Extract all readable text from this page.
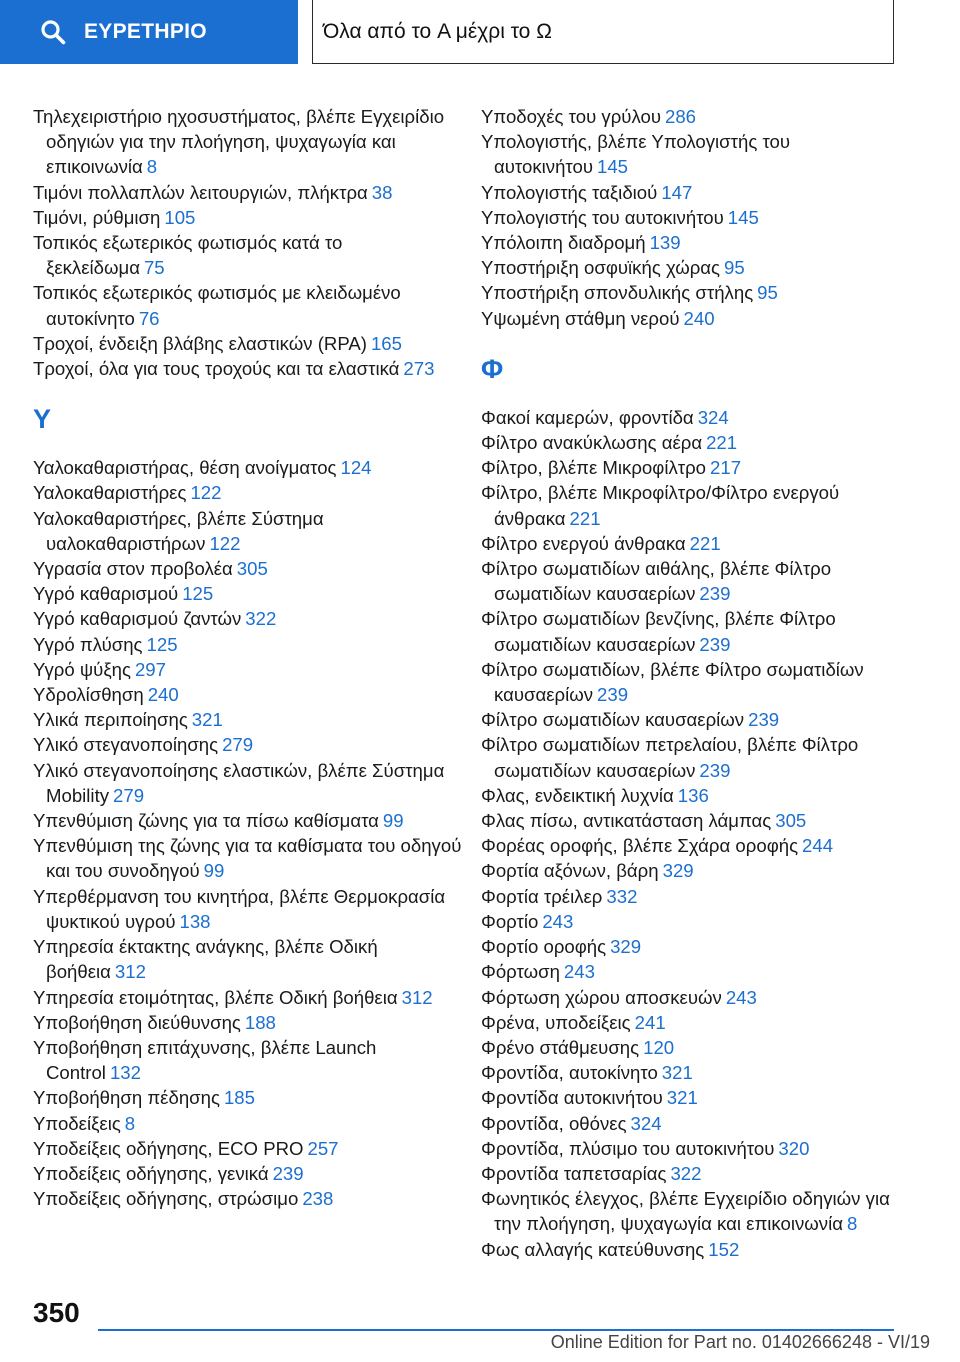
ΕΥΡΕΤΗΡΙΟ	Όλα από το A μέχρι το Ω
Τηλεχειριστήριο ηχοσυστήματος, βλέπε Εγχειρίδιο οδηγιών για την πλοήγηση, ψυχαγωγία και επικοινωνία 8
Τιμόνι πολλαπλών λειτουργιών, πλήκτρα 38
Τιμόνι, ρύθμιση 105
Τοπικός εξωτερικός φωτισμός κατά το ξεκλείδωμα 75
Τοπικός εξωτερικός φωτισμός με κλειδωμένο αυτοκίνητο 76
Τροχοί, ένδειξη βλάβης ελαστικών (RPA) 165
Τροχοί, όλα για τους τροχούς και τα ελαστικά 273
Y
Υαλοκαθαριστήρας, θέση ανοίγματος 124
Υαλοκαθαριστήρες 122
Υαλοκαθαριστήρες, βλέπε Σύστημα υαλοκαθαριστήρων 122
Υγρασία στον προβολέα 305
Υγρό καθαρισμού 125
Υγρό καθαρισμού ζαντών 322
Υγρό πλύσης 125
Υγρό ψύξης 297
Υδρολίσθηση 240
Υλικά περιποίησης 321
Υλικό στεγανοποίησης 279
Υλικό στεγανοποίησης ελαστικών, βλέπε Σύστημα Mobility 279
Υπενθύμιση ζώνης για τα πίσω καθίσματα 99
Υπενθύμιση της ζώνης για τα καθίσματα του οδηγού και του συνοδηγού 99
Υπερθέρμανση του κινητήρα, βλέπε Θερμοκρασία ψυκτικού υγρού 138
Υπηρεσία έκτακτης ανάγκης, βλέπε Οδική βοήθεια 312
Υπηρεσία ετοιμότητας, βλέπε Οδική βοήθεια 312
Υποβοήθηση διεύθυνσης 188
Υποβοήθηση επιτάχυνσης, βλέπε Launch Control 132
Υποβοήθηση πέδησης 185
Υποδείξεις 8
Υποδείξεις οδήγησης, ECO PRO 257
Υποδείξεις οδήγησης, γενικά 239
Υποδείξεις οδήγησης, στρώσιμο 238
Υποδοχές του γρύλου 286
Υπολογιστής, βλέπε Υπολογιστής του αυτοκινήτου 145
Υπολογιστής ταξιδιού 147
Υπολογιστής του αυτοκινήτου 145
Υπόλοιπη διαδρομή 139
Υποστήριξη οσφυϊκής χώρας 95
Υποστήριξη σπονδυλικής στήλης 95
Υψωμένη στάθμη νερού 240
Φ
Φακοί καμερών, φροντίδα 324
Φίλτρο ανακύκλωσης αέρα 221
Φίλτρο, βλέπε Μικροφίλτρο 217
Φίλτρο, βλέπε Μικροφίλτρο/Φίλτρο ενεργού άνθρακα 221
Φίλτρο ενεργού άνθρακα 221
Φίλτρο σωματιδίων αιθάλης, βλέπε Φίλτρο σωματιδίων καυσαερίων 239
Φίλτρο σωματιδίων βενζίνης, βλέπε Φίλτρο σωματιδίων καυσαερίων 239
Φίλτρο σωματιδίων, βλέπε Φίλτρο σωματιδίων καυσαερίων 239
Φίλτρο σωματιδίων καυσαερίων 239
Φίλτρο σωματιδίων πετρελαίου, βλέπε Φίλτρο σωματιδίων καυσαερίων 239
Φλας, ενδεικτική λυχνία 136
Φλας πίσω, αντικατάσταση λάμπας 305
Φορέας οροφής, βλέπε Σχάρα οροφής 244
Φορτία αξόνων, βάρη 329
Φορτία τρέιλερ 332
Φορτίο 243
Φορτίο οροφής 329
Φόρτωση 243
Φόρτωση χώρου αποσκευών 243
Φρένα, υποδείξεις 241
Φρένο στάθμευσης 120
Φροντίδα, αυτοκίνητο 321
Φροντίδα αυτοκινήτου 321
Φροντίδα, οθόνες 324
Φροντίδα, πλύσιμο του αυτοκινήτου 320
Φροντίδα ταπετσαρίας 322
Φωνητικός έλεγχος, βλέπε Εγχειρίδιο οδηγιών για την πλοήγηση, ψυχαγωγία και επικοινωνία 8
Φως αλλαγής κατεύθυνσης 152
350
Online Edition for Part no. 01402666248 - VI/19
